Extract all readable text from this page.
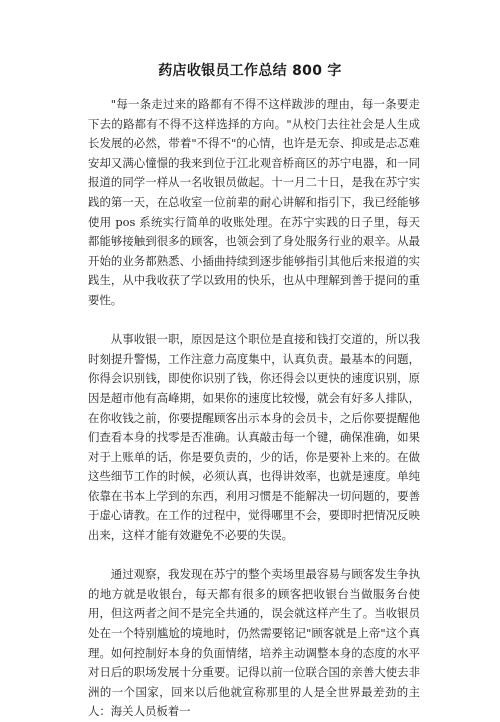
药店收银员工作总结 800 字

"每一条走过来的路都有不得不这样跋涉的理由，每一条要走下去的路都有不得不这样选择的方向。"从校门去往社会是人生成长发展的必然，带着"不得不"的心情，也许是无奈、抑或是忐忑难安却又满心憧憬的我来到位于江北观音桥商区的苏宁电器，和一同报道的同学一样从一名收银员做起。十一月二十日，是我在苏宁实践的第一天，在总收室一位前辈的耐心讲解和指引下，我已经能够使用 pos 系统实行简单的收账处理。在苏宁实践的日子里，每天都能够接触到很多的顾客，也领会到了身处服务行业的艰辛。从最开始的业务都熟悉、小插曲持续到逐步能够指引其他后来报道的实践生，从中我收获了学以致用的快乐，也从中理解到善于提问的重要性。

从事收银一职，原因是这个职位是直接和钱打交道的，所以我时刻提升警惕，工作注意力高度集中，认真负责。最基本的问题，你得会识别钱，即使你识别了钱，你还得会以更快的速度识别，原因是超市他有高峰期，如果你的速度比较慢，就会有好多人排队，在你收钱之前，你要提醒顾客出示本身的会员卡，之后你要提醒他们查看本身的找零是否准确。认真敲击每一个键，确保准确，如果对于上账单的话，你是要负责的，少的话，你是要补上来的。在做这些细节工作的时候，必须认真，也得讲效率，也就是速度。单纯依靠在书本上学到的东西，利用习惯是不能解决一切问题的，要善于虚心请教。在工作的过程中，觉得哪里不会，要即时把情况反映出来，这样才能有效避免不必要的失误。

通过观察，我发现在苏宁的整个卖场里最容易与顾客发生争执的地方就是收银台，每天都有很多的顾客把收银台当做服务台使用，但这两者之间不是完全共通的，误会就这样产生了。当收银员处在一个特别尴尬的境地时，仍然需要铭记"顾客就是上帝"这个真理。如何控制好本身的负面情绪，培养主动调整本身的态度的水平对日后的职场发展十分重要。记得以前一位联合国的亲善大使去非洲的一个国家，回来以后他就宣称那里的人是全世界最差劲的主人：海关人员板着一
